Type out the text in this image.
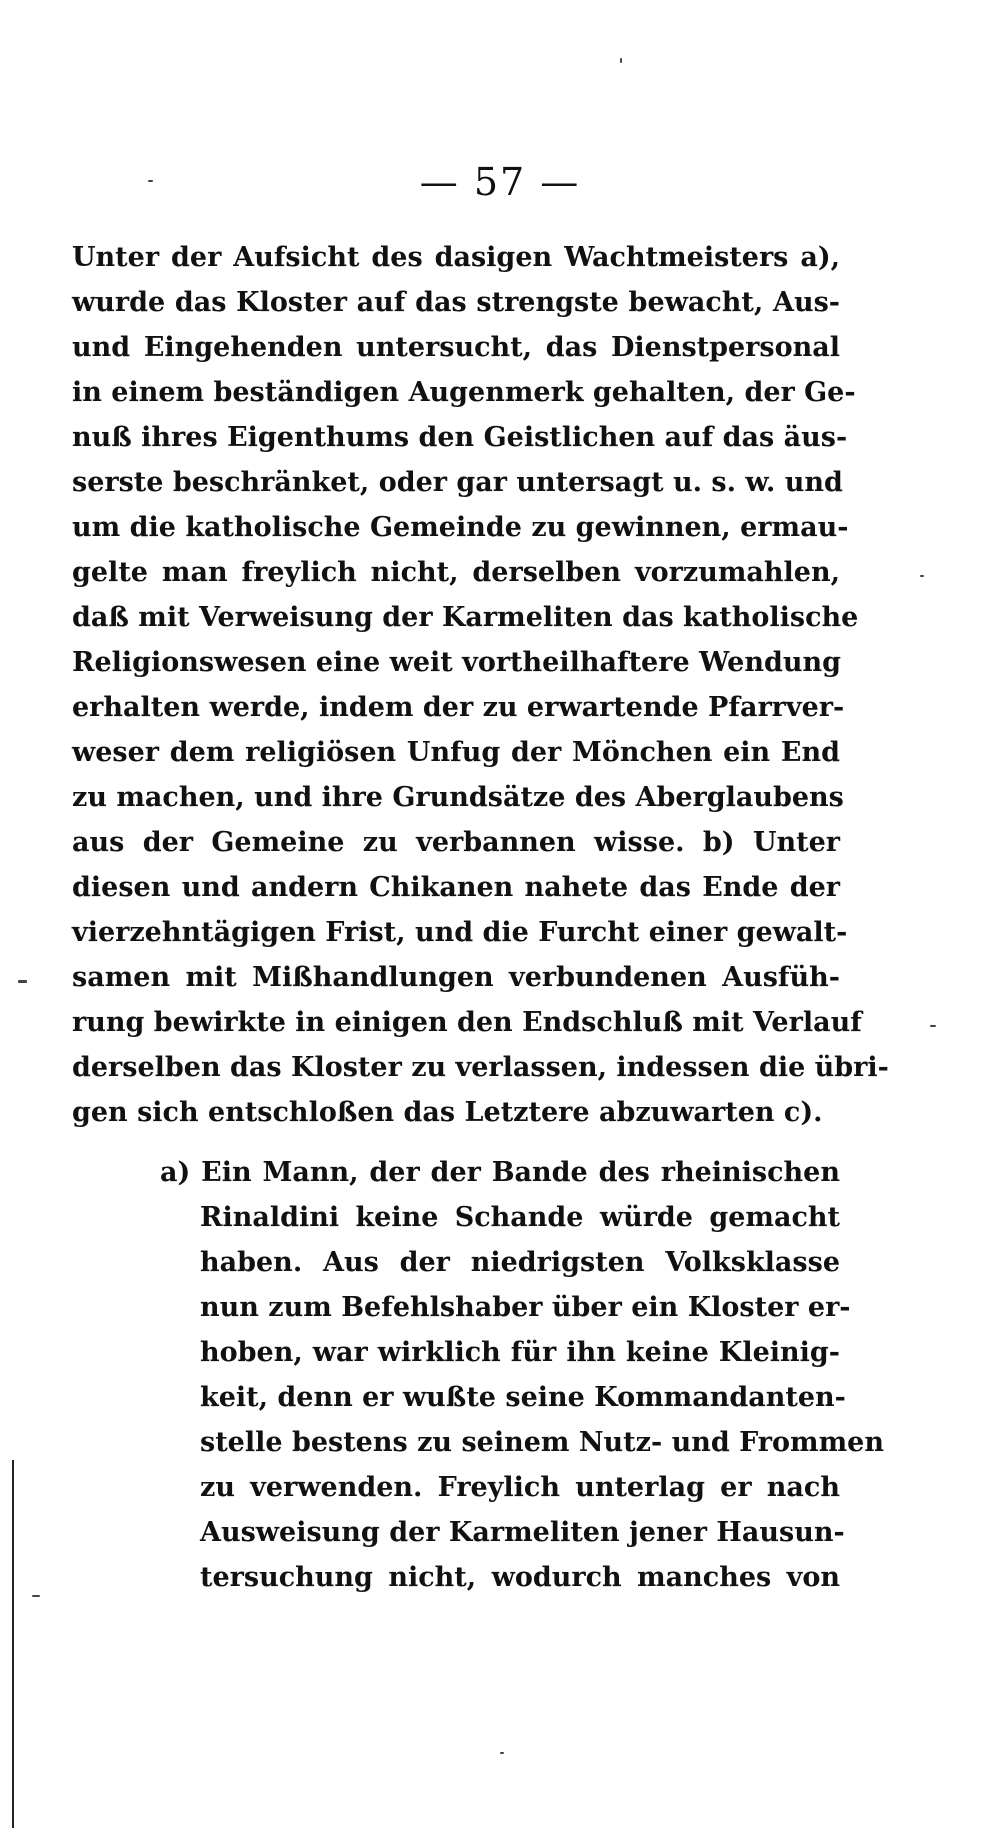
— 57 —
Unter der Aufsicht des dasigen Wachtmeisters a),
wurde das Kloster auf das strengste bewacht, Aus-
und Eingehenden untersucht, das Dienstpersonal
in einem beständigen Augenmerk gehalten, der Ge-
nuß ihres Eigenthums den Geistlichen auf das äus-
serste beschränket, oder gar untersagt u. s. w. und
um die katholische Gemeinde zu gewinnen, ermau-
gelte man freylich nicht, derselben vorzumahlen,
daß mit Verweisung der Karmeliten das katholische
Religionswesen eine weit vortheilhaftere Wendung
erhalten werde, indem der zu erwartende Pfarrver-
weser dem religiösen Unfug der Mönchen ein End
zu machen, und ihre Grundsätze des Aberglaubens
aus der Gemeine zu verbannen wisse. b) Unter
diesen und andern Chikanen nahete das Ende der
vierzehntägigen Frist, und die Furcht einer gewalt-
samen mit Mißhandlungen verbundenen Ausfüh-
rung bewirkte in einigen den Endschluß mit Verlauf
derselben das Kloster zu verlassen, indessen die übri-
gen sich entschloßen das Letztere abzuwarten c).
a) Ein Mann, der der Bande des rheinischen
Rinaldini keine Schande würde gemacht
haben. Aus der niedrigsten Volksklasse
nun zum Befehlshaber über ein Kloster er-
hoben, war wirklich für ihn keine Kleinig-
keit, denn er wußte seine Kommandanten-
stelle bestens zu seinem Nutz- und Frommen
zu verwenden. Freylich unterlag er nach
Ausweisung der Karmeliten jener Hausun-
tersuchung nicht, wodurch manches von
